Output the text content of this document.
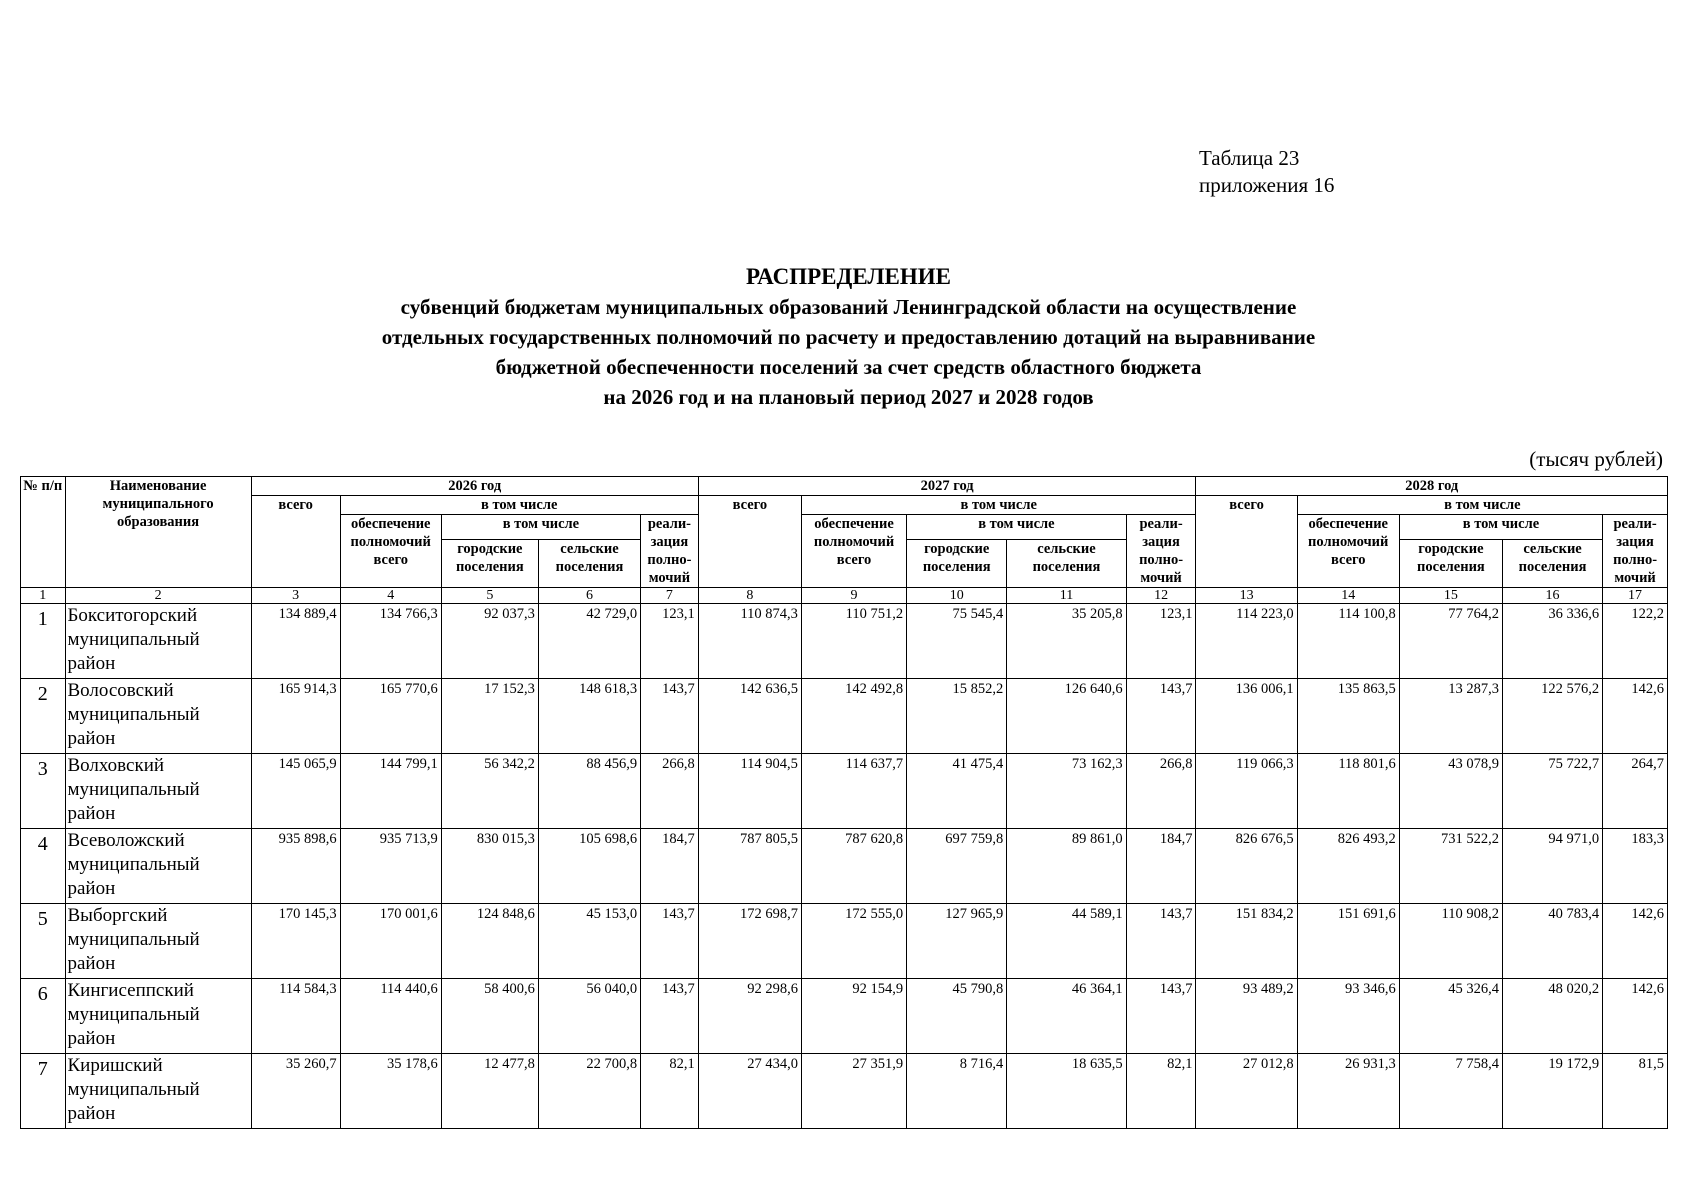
Таблица 23
приложения 16
РАСПРЕДЕЛЕНИЕ
субвенций бюджетам муниципальных образований Ленинградской области на осуществление
отдельных государственных полномочий по расчету и предоставлению дотаций на выравнивание
бюджетной обеспеченности поселений за счет средств областного бюджета
на 2026 год и на плановый период 2027 и 2028 годов
(тысяч рублей)
№ п/п	Наименование муниципального образования	2026 год					2027 год					2028 год				
		всего	в том числе				всего	в том числе				всего	в том числе			
			обеспечение полномочий всего	в том числе		реали-зация полно-мочий		обеспечение полномочий всего	в том числе		реали-зация полно-мочий		обеспечение полномочий всего	в том числе		реали-зация полно-мочий
				городские поселения	сельские поселения				городские поселения	сельские поселения				городские поселения	сельские поселения	
1	2	3	4	5	6	7	8	9	10	11	12	13	14	15	16	17
1	Бокситогорский
муниципальный
район	134 889,4	134 766,3	92 037,3	42 729,0	123,1	110 874,3	110 751,2	75 545,4	35 205,8	123,1	114 223,0	114 100,8	77 764,2	36 336,6	122,2
2	Волосовский
муниципальный
район	165 914,3	165 770,6	17 152,3	148 618,3	143,7	142 636,5	142 492,8	15 852,2	126 640,6	143,7	136 006,1	135 863,5	13 287,3	122 576,2	142,6
3	Волховский
муниципальный
район	145 065,9	144 799,1	56 342,2	88 456,9	266,8	114 904,5	114 637,7	41 475,4	73 162,3	266,8	119 066,3	118 801,6	43 078,9	75 722,7	264,7
4	Всеволожский
муниципальный
район	935 898,6	935 713,9	830 015,3	105 698,6	184,7	787 805,5	787 620,8	697 759,8	89 861,0	184,7	826 676,5	826 493,2	731 522,2	94 971,0	183,3
5	Выборгский
муниципальный
район	170 145,3	170 001,6	124 848,6	45 153,0	143,7	172 698,7	172 555,0	127 965,9	44 589,1	143,7	151 834,2	151 691,6	110 908,2	40 783,4	142,6
6	Кингисеппский
муниципальный
район	114 584,3	114 440,6	58 400,6	56 040,0	143,7	92 298,6	92 154,9	45 790,8	46 364,1	143,7	93 489,2	93 346,6	45 326,4	48 020,2	142,6
7	Киришский
муниципальный
район	35 260,7	35 178,6	12 477,8	22 700,8	82,1	27 434,0	27 351,9	8 716,4	18 635,5	82,1	27 012,8	26 931,3	7 758,4	19 172,9	81,5
